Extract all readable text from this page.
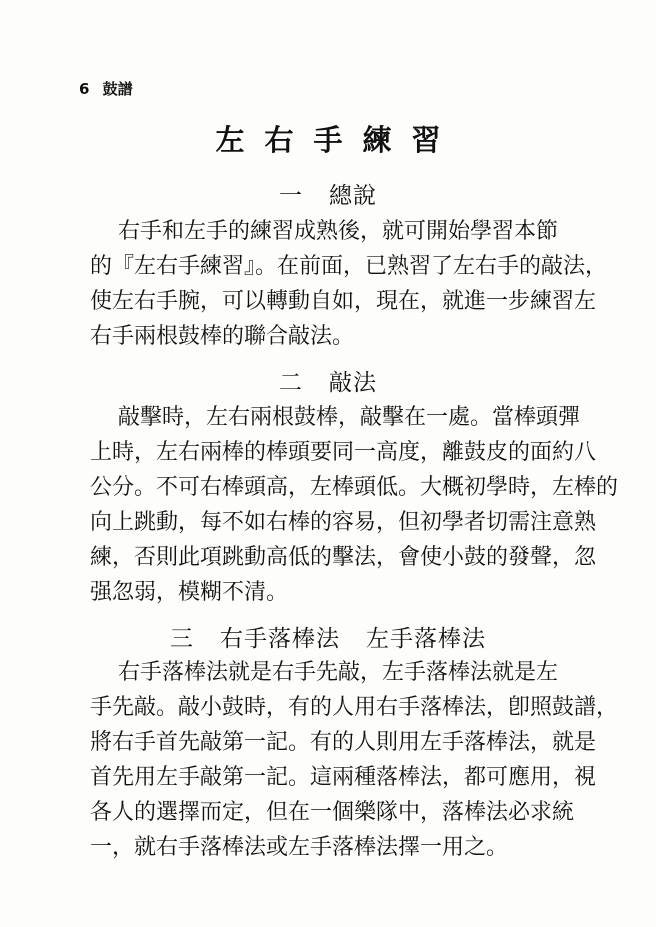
6 鼓譜
左右手練習
一 總說
右手和左手的練習成熟後，就可開始學習本節
的『左右手練習』。在前面，已熟習了左右手的敲法，
使左右手腕，可以轉動自如，現在，就進一步練習左
右手兩根鼓棒的聯合敲法。
二 敲法
敲擊時，左右兩根鼓棒，敲擊在一處。當棒頭彈
上時，左右兩棒的棒頭要同一高度，離鼓皮的面約八
公分。不可右棒頭高，左棒頭低。大概初學時，左棒的
向上跳動，每不如右棒的容易，但初學者切需注意熟
練，否則此項跳動高低的擊法，會使小鼓的發聲，忽
强忽弱，模糊不清。
三 右手落棒法 左手落棒法
右手落棒法就是右手先敲，左手落棒法就是左
手先敲。敲小鼓時，有的人用右手落棒法，卽照鼓譜，
將右手首先敲第一記。有的人則用左手落棒法，就是
首先用左手敲第一記。這兩種落棒法，都可應用，視
各人的選擇而定，但在一個樂隊中，落棒法必求統
一，就右手落棒法或左手落棒法擇一用之。
